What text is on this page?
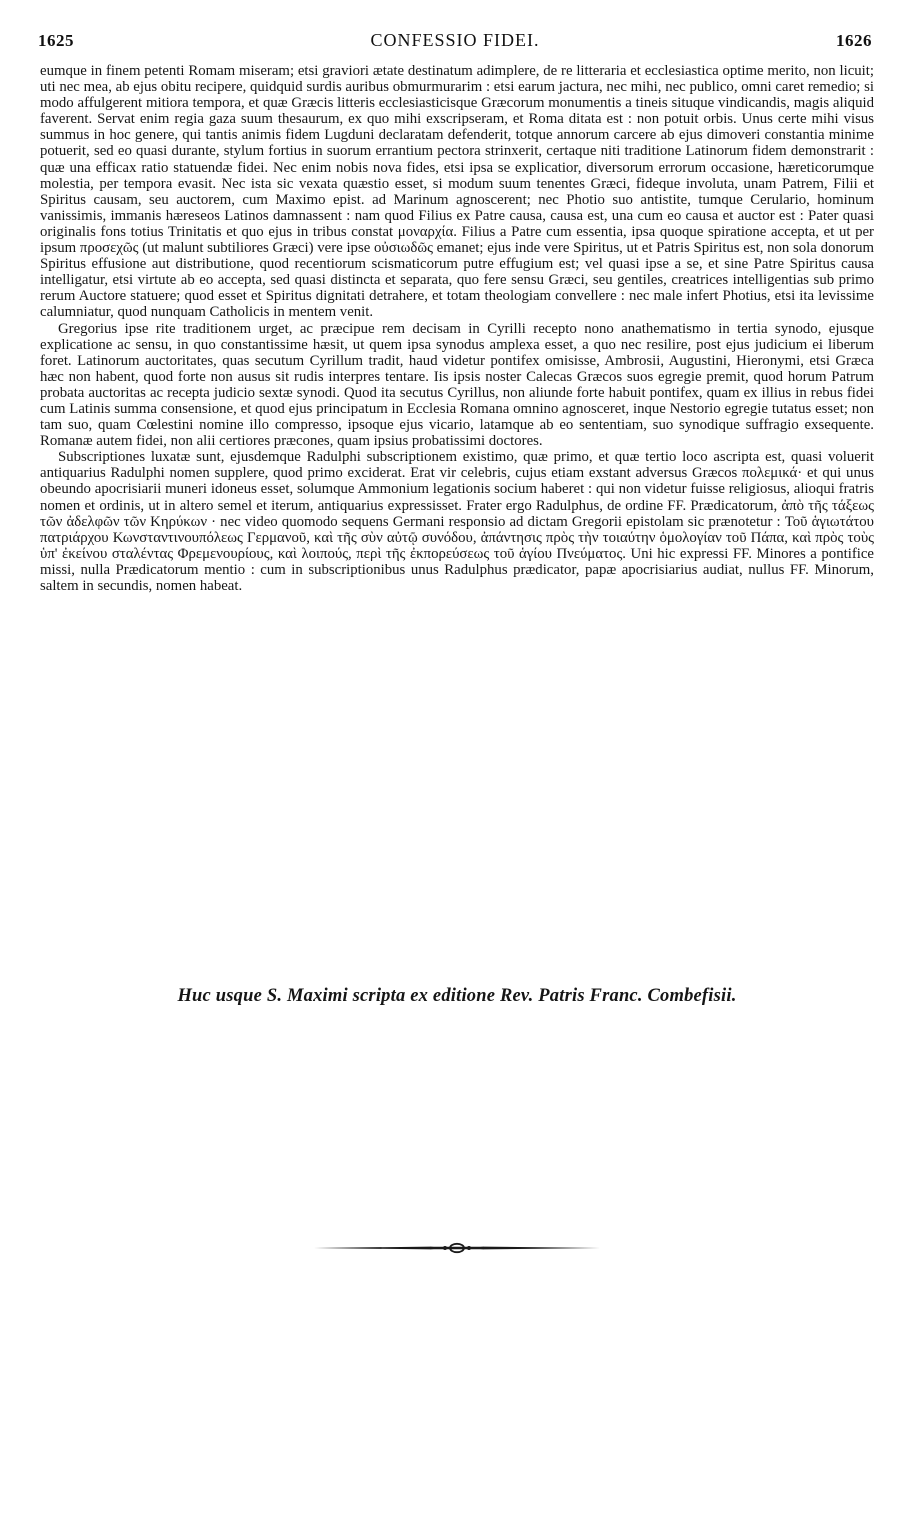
1625	CONFESSIO FIDEI.	1626

eumque in finem petenti Romam miseram; etsi graviori ætate destinatum adimplere, de re litteraria et ecclesiastica optime merito, non licuit; uti nec mea, ab ejus obitu recipere, quidquid surdis auribus obmurmurarim : etsi earum jactura, nec mihi, nec publico, omni caret remedio; si modo affulgerent mitiora tempora, et quæ Græcis litteris ecclesiasticisque Græcorum monumentis a tineis situque vindicandis, magis aliquid faverent. Servat enim regia gaza suum thesaurum, ex quo mihi exscripseram, et Roma ditata est : non potuit orbis. Unus certe mihi visus summus in hoc genere, qui tantis animis fidem Lugduni declaratam defenderit, totque annorum carcere ab ejus dimoveri constantia minime potuerit, sed eo quasi durante, stylum fortius in suorum errantium pectora strinxerit, certaque niti traditione Latinorum fidem demonstrarit : quæ una efficax ratio statuendæ fidei. Nec enim nobis nova fides, etsi ipsa se explicatior, diversorum errorum occasione, hæreticorumque molestia, per tempora evasit. Nec ista sic vexata quæstio esset, si modum suum tenentes Græci, fideque involuta, unam Patrem, Filii et Spiritus causam, seu auctorem, cum Maximo epist. ad Marinum agnoscerent; nec Photio suo antistite, tumque Cerulario, hominum vanissimis, immanis hæreseos Latinos damnassent : nam quod Filius ex Patre causa, causa est, una cum eo causa et auctor est : Pater quasi originalis fons totius Trinitatis et quo ejus in tribus constat μοναρχία. Filius a Patre cum essentia, ipsa quoque spiratione accepta, et ut per ipsum προσεχῶς (ut malunt subtiliores Græci) vere ipse οὐσιωδῶς emanet; ejus inde vere Spiritus, ut et Patris Spiritus est, non sola donorum Spiritus effusione aut distributione, quod recentiorum scismaticorum putre effugium est; vel quasi ipse a se, et sine Patre Spiritus causa intelligatur, etsi virtute ab eo accepta, sed quasi distincta et separata, quo fere sensu Græci, seu gentiles, creatrices intelligentias sub primo rerum Auctore statuere; quod esset et Spiritus dignitati detrahere, et totam theologiam convellere : nec male infert Photius, etsi ita levissime calumniatur, quod nunquam Catholicis in mentem venit.

Gregorius ipse rite traditionem urget, ac præcipue rem decisam in Cyrilli recepto nono anathematismo in tertia synodo, ejusque explicatione ac sensu, in quo constantissime hæsit, ut quem ipsa synodus amplexa esset, a quo nec resilire, post ejus judicium ei liberum foret. Latinorum auctoritates, quas secutum Cyrillum tradit, haud videtur pontifex omisisse, Ambrosii, Augustini, Hieronymi, etsi Græca hæc non habent, quod forte non ausus sit rudis interpres tentare. Iis ipsis noster Calecas Græcos suos egregie premit, quod horum Patrum probata auctoritas ac recepta judicio sextæ synodi. Quod ita secutus Cyrillus, non aliunde forte habuit pontifex, quam ex illius in rebus fidei cum Latinis summa consensione, et quod ejus principatum in Ecclesia Romana omnino agnosceret, inque Nestorio egregie tutatus esset; non tam suo, quam Cœlestini nomine illo compresso, ipsoque ejus vicario, latamque ab eo sententiam, suo synodique suffragio exsequente. Romanæ autem fidei, non alii certiores præcones, quam ipsius probatissimi doctores.

Subscriptiones luxatæ sunt, ejusdemque Radulphi subscriptionem existimo, quæ primo, et quæ tertio loco ascripta est, quasi voluerit antiquarius Radulphi nomen supplere, quod primo exciderat. Erat vir celebris, cujus etiam exstant adversus Græcos πολεμικά· et qui unus obeundo apocrisiarii muneri idoneus esset, solumque Ammonium legationis socium haberet : qui non videtur fuisse religiosus, alioqui fratris nomen et ordinis, ut in altero semel et iterum, antiquarius expressisset. Frater ergo Radulphus, de ordine FF. Prædicatorum, ἀπὸ τῆς τάξεως τῶν ἀδελφῶν τῶν Κηρύκων · nec video quomodo sequens Germani responsio ad dictam Gregorii epistolam sic prænotetur : Τοῦ ἁγιωτάτου πατριάρχου Κωνσταντινουπόλεως Γερμανοῦ, καὶ τῆς σὺν αὐτῷ συνόδου, ἀπάντησις πρὸς τὴν τοιαύτην ὁμολογίαν τοῦ Πάπα, καὶ πρὸς τοὺς ὑπ' ἐκείνου σταλέντας Φρεμενουρίους, καὶ λοιπούς, περὶ τῆς ἐκπορεύσεως τοῦ ἁγίου Πνεύματος. Uni hic expressi FF. Minores a pontifice missi, nulla Prædicatorum mentio : cum in subscriptionibus unus Radulphus prædicator, papæ apocrisiarius audiat, nullus FF. Minorum, saltem in secundis, nomen habeat.

Huc usque S. Maximi scripta ex editione Rev. Patris Franc. Combefisii.
